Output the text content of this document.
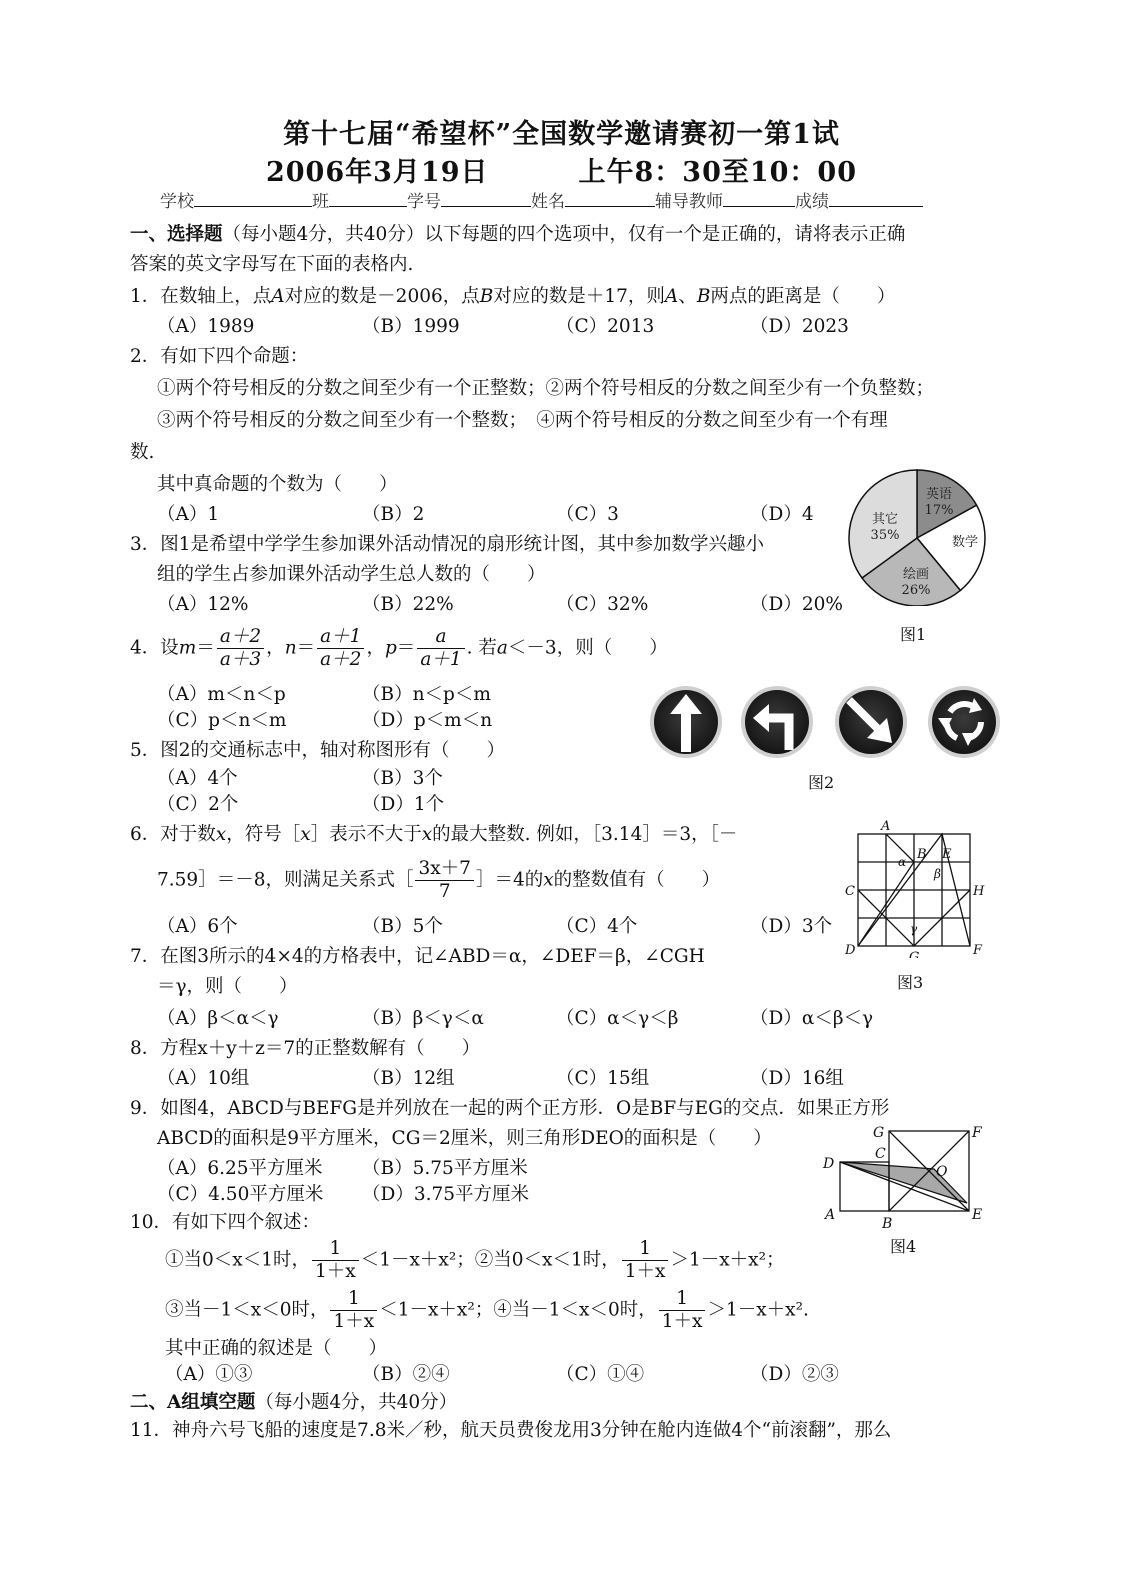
第十七届“希望杯”全国数学邀请赛初一第1试
2006年3月19日	上午8：30至10：00
学校	班	学号	姓名	辅导教师	成绩
一、选择题（每小题4分，共40分）以下每题的四个选项中，仅有一个是正确的，请将表示正确
答案的英文字母写在下面的表格内.
1．在数轴上，点A对应的数是－2006，点B对应的数是＋17，则A、B两点的距离是（　　）
（A）1989	（B）1999	（C）2013	（D）2023
2．有如下四个命题：
①两个符号相反的分数之间至少有一个正整数；②两个符号相反的分数之间至少有一个负整数；
③两个符号相反的分数之间至少有一个整数；　④两个符号相反的分数之间至少有一个有理
数.
其中真命题的个数为（　　）
（A）1	（B）2	（C）3	（D）4
英语
17%
数学
绘画
26%
其它
35%
图1
3．图1是希望中学学生参加课外活动情况的扇形统计图，其中参加数学兴趣小
组的学生占参加课外活动学生总人数的（　　）
（A）12%	（B）22%	（C）32%	（D）20%
4．设$m= \frac{a+2}{a+3}$ ，$n= \frac{a+1}{a+2}$ ，$p= \frac{a}{a+1}$ . 若a＜－3，则（　　）
（A）m＜n＜p	（B）n＜p＜m
（C）p＜n＜m	（D）p＜m＜n
图2
5．图2的交通标志中，轴对称图形有（　　）
（A）4个	（B）3个
（C）2个	（D）1个
6．对于数x，符号［x］表示不大于x的最大整数. 例如，［3.14］＝3，［－
7.59］＝－8，则满足关系式［ $\frac{3x+7}{7}$ ］＝4的x的整数值有（　　）
（A）6个	（B）5个	（C）4个	（D）3个
A
B E
C	H
D	G	F
α
β
γ
图3
7．在图3所示的4×4的方格表中，记∠ABD＝α，∠DEF＝β，∠CGH
＝γ，则（　　）
（A）β＜α＜γ	（B）β＜γ＜α	（C）α＜γ＜β	（D）α＜β＜γ
8．方程x＋y＋z＝7的正整数解有（　　）
（A）10组	（B）12组	（C）15组	（D）16组
9．如图4，ABCD与BEFG是并列放在一起的两个正方形．O是BF与EG的交点．如果正方形
ABCD的面积是9平方厘米，CG＝2厘米，则三角形DEO的面积是（　　）
（A）6.25平方厘米 （B）5.75平方厘米
（C）4.50平方厘米 （D）3.75平方厘米
G	F
C
D	O
A
B
E
图4
10．有如下四个叙述：
①当0＜x＜1时， $\frac{1}{1+x} <1-x+x^2$；②当0＜x＜1时， $\frac{1}{1+x} >1-x+x^2$；
③当－1＜x＜0时， $\frac{1}{1+x} <1-x+x^2$；④当－1＜x＜0时， $\frac{1}{1+x} >1-x+x^2$.
其中正确的叙述是（　　）
（A）①③	（B）②④	（C）①④	（D）②③
二、A组填空题（每小题4分，共40分）
11．神舟六号飞船的速度是7.8米／秒，航天员费俊龙用3分钟在舱内连做4个“前滚翻”，那么
